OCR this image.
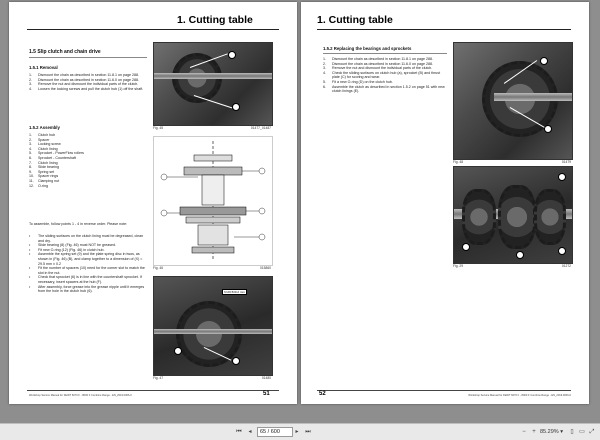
1. Cutting table
1.5 Slip clutch and chain drive
1.5.1 Removal
1.	Dismount the chain as described in section 11.8.1 on page 288.
2.	Dismount the chain as described in section 11.6.0 on page 288.
3.	Remove the nut and dismount the individual parts of the clutch.
4.	Loosen the locking screws and pull the clutch hub (1) off the shaft.
1.5.2 Assembly
1.	Clutch hub
2.	Spacer
3.	Locking screw
4.	Clutch lining
5.	Sprocket - PowerFlow rollers
6.	Sprocket - Countershaft
7.	Clutch lining
8.	Slide bearing
9.	Spring set
10. Spacer rings
11.	Clamping nut
12. O-ring
To assemble, follow points 1 - 4 in reverse order. Please note:
•	The sliding surfaces on the clutch lining must be degreased, clean and dry.
•	Slide bearing (8) (Fig. 46) must NOT be greased.
•	Fit new O-ring (12) (Fig. 46) in clutch hub.
•	Assemble the spring set (9) and the plate spring disc in twos, as shown in (Fig. 46) (B), and clamp together to a dimension of (X) = 29.5 mm ± 0.2
•	Fit the number of spacers (10) need for the corner slot to match the slot in the nut.
•	Check that sprocket (6) is in line with the countershaft sprocket. If necessary, insert spacers at the hub (F).
•	After assembly, force grease into the grease nipple until it emerges from the hole in the clutch hub (6).
Fig. 45	01477_01487
Fig. 46	015860
h=29.5±0.2 mm
Fig. 47	01480
Workshop Service Manual for FEIDT 6070 F - 8000 F Combine Range - EN_2019.0006-0	51
1. Cutting table
1.5.2 Replacing the bearings and sprockets
1.	Dismount the chain as described in section 11.8.1 on page 288.
2.	Dismount the chain as described in section 11.6.0 on page 288.
3.	Remove the nut and dismount the individual parts of the clutch.
4.	Check the sliding surfaces on clutch hub (a), sprocket (B) and thrust plate (C) for scoring and wear.
5.	Fit a new O-ring (D) on the clutch hub.
6.	Assemble the clutch as described in section 1.5.2 on page 51 with new clutch linings (E).
Fig. 48	01479
Fig. 29	01272
52	Workshop Service Manual for FEIDT 6070 F - 8000 F Combine Range - EN_2019.0006-0
⏮	◂	65 / 600	▸	⏭	−	+ 85.29% ▾	▯ ▭ ⤢
